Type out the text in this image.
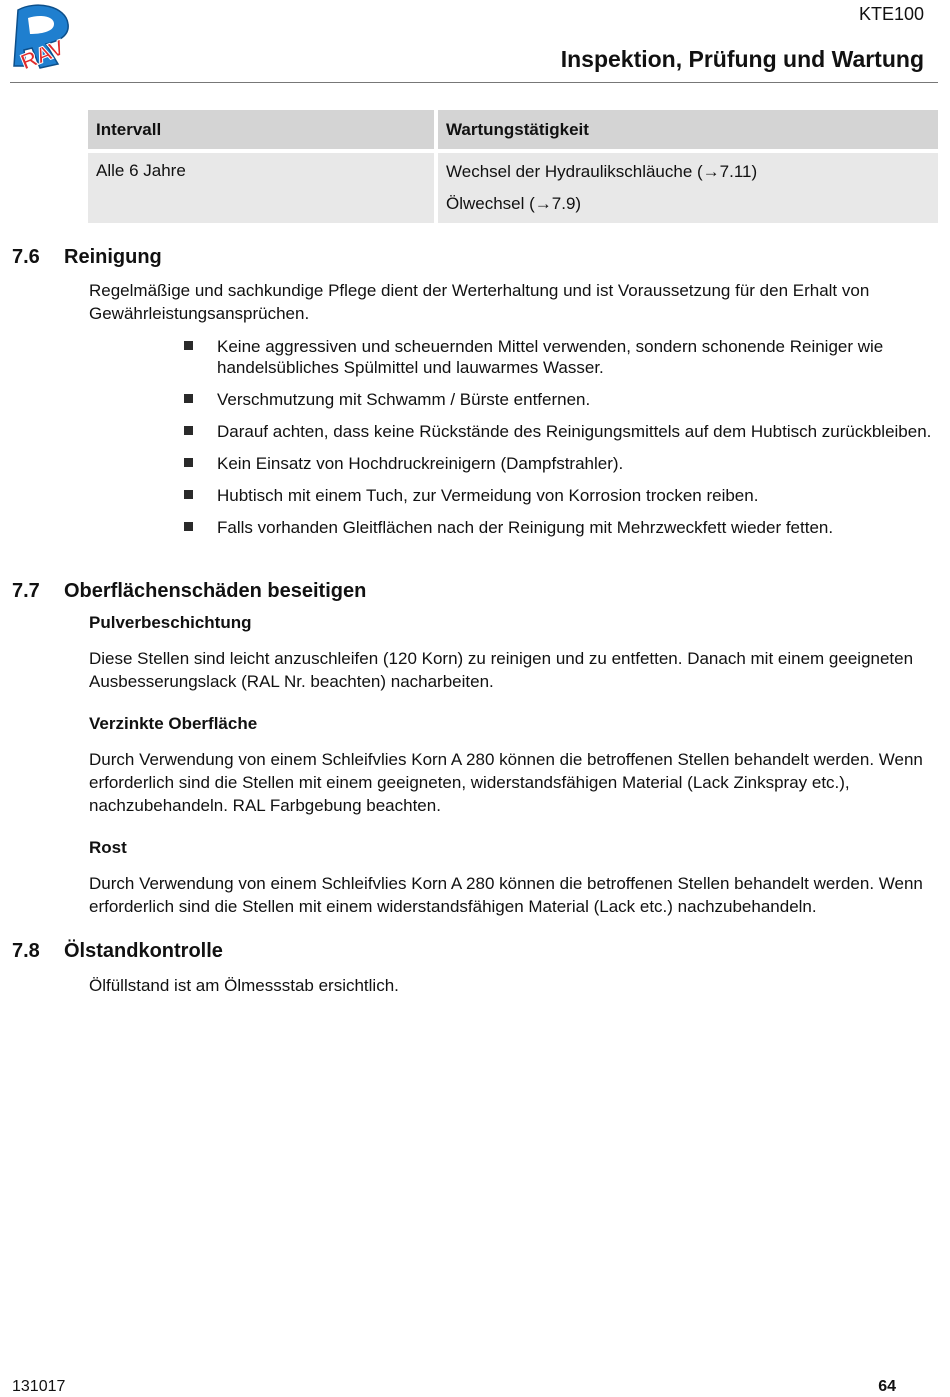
RAV
KTE100
Inspektion, Prüfung und Wartung
Intervall	Wartungstätigkeit
Alle 6 Jahre	Wechsel der Hydraulikschläuche (→7.11)
Ölwechsel (→7.9)
7.6 Reinigung
Regelmäßige und sachkundige Pflege dient der Werterhaltung und ist Voraussetzung für den Erhalt von Gewährleistungsansprüchen.
Keine aggressiven und scheuernden Mittel verwenden, sondern schonende Reiniger wie handelsübliches Spülmittel und lauwarmes Wasser.
Verschmutzung mit Schwamm / Bürste entfernen.
Darauf achten, dass keine Rückstände des Reinigungsmittels auf dem Hubtisch zurückbleiben.
Kein Einsatz von Hochdruckreinigern (Dampfstrahler).
Hubtisch mit einem Tuch, zur Vermeidung von Korrosion trocken reiben.
Falls vorhanden Gleitflächen nach der Reinigung mit Mehrzweckfett wieder fetten.
7.7 Oberflächenschäden beseitigen
Pulverbeschichtung
Diese Stellen sind leicht anzuschleifen (120 Korn) zu reinigen und zu entfetten. Danach mit einem geeigneten Ausbesserungslack (RAL Nr. beachten) nacharbeiten.
Verzinkte Oberfläche
Durch Verwendung von einem Schleifvlies Korn A 280 können die betroffenen Stellen behandelt werden. Wenn erforderlich sind die Stellen mit einem geeigneten, widerstandsfähigen Material (Lack Zinkspray etc.), nachzubehandeln. RAL Farbgebung beachten.
Rost
Durch Verwendung von einem Schleifvlies Korn A 280 können die betroffenen Stellen behandelt werden. Wenn erforderlich sind die Stellen mit einem widerstandsfähigen Material (Lack etc.) nachzubehandeln.
7.8 Ölstandkontrolle
Ölfüllstand ist am Ölmessstab ersichtlich.
131017	64
